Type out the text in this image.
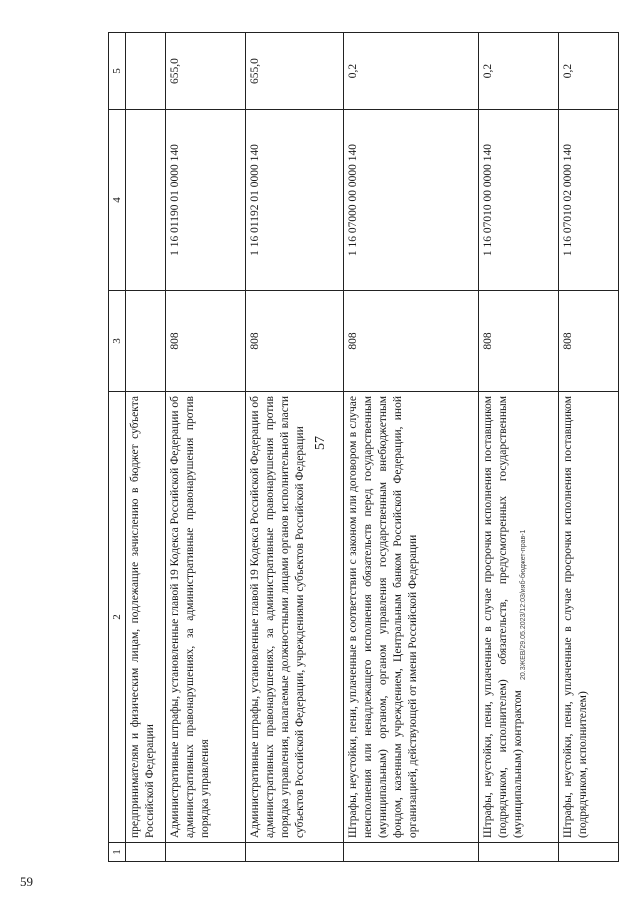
57
59
20.3ЖЕВ/29.05.2023/12:03/ияб-бюджет-прав-1
1	2	3	4	5
	предпринимателям и физическим лицам, подлежащие зачислению в бюджет субъекта Российской Федерации			
	Административные штрафы, установленные главой 19 Кодекса Российской Федерации об административных правонарушениях, за административные правонарушения против порядка управления	808	1 16 01190 01 0000 140	655,0
	Административные штрафы, установленные главой 19 Кодекса Российской Федерации об административных правонарушениях, за административные правонарушения против порядка управления, налагаемые должностными лицами органов исполнительной власти субъектов Российской Федерации, учреждениями субъектов Российской Федерации	808	1 16 01192 01 0000 140	655,0
	Штрафы, неустойки, пени, уплаченные в соответствии с законом или договором в случае неисполнения или ненадлежащего исполнения обязательств перед государственным (муниципальным) органом, органом управления государственным внебюджетным фондом, казенным учреждением, Центральным банком Российской Федерации, иной организацией, действующей от имени Российской Федерации	808	1 16 07000 00 0000 140	0,2
	Штрафы, неустойки, пени, уплаченные в случае просрочки исполнения поставщиком (подрядчиком, исполнителем) обязательств, предусмотренных государственным (муниципальным) контрактом	808	1 16 07010 00 0000 140	0,2
	Штрафы, неустойки, пени, уплаченные в случае просрочки исполнения поставщиком (подрядчиком, исполнителем)	808	1 16 07010 02 0000 140	0,2
